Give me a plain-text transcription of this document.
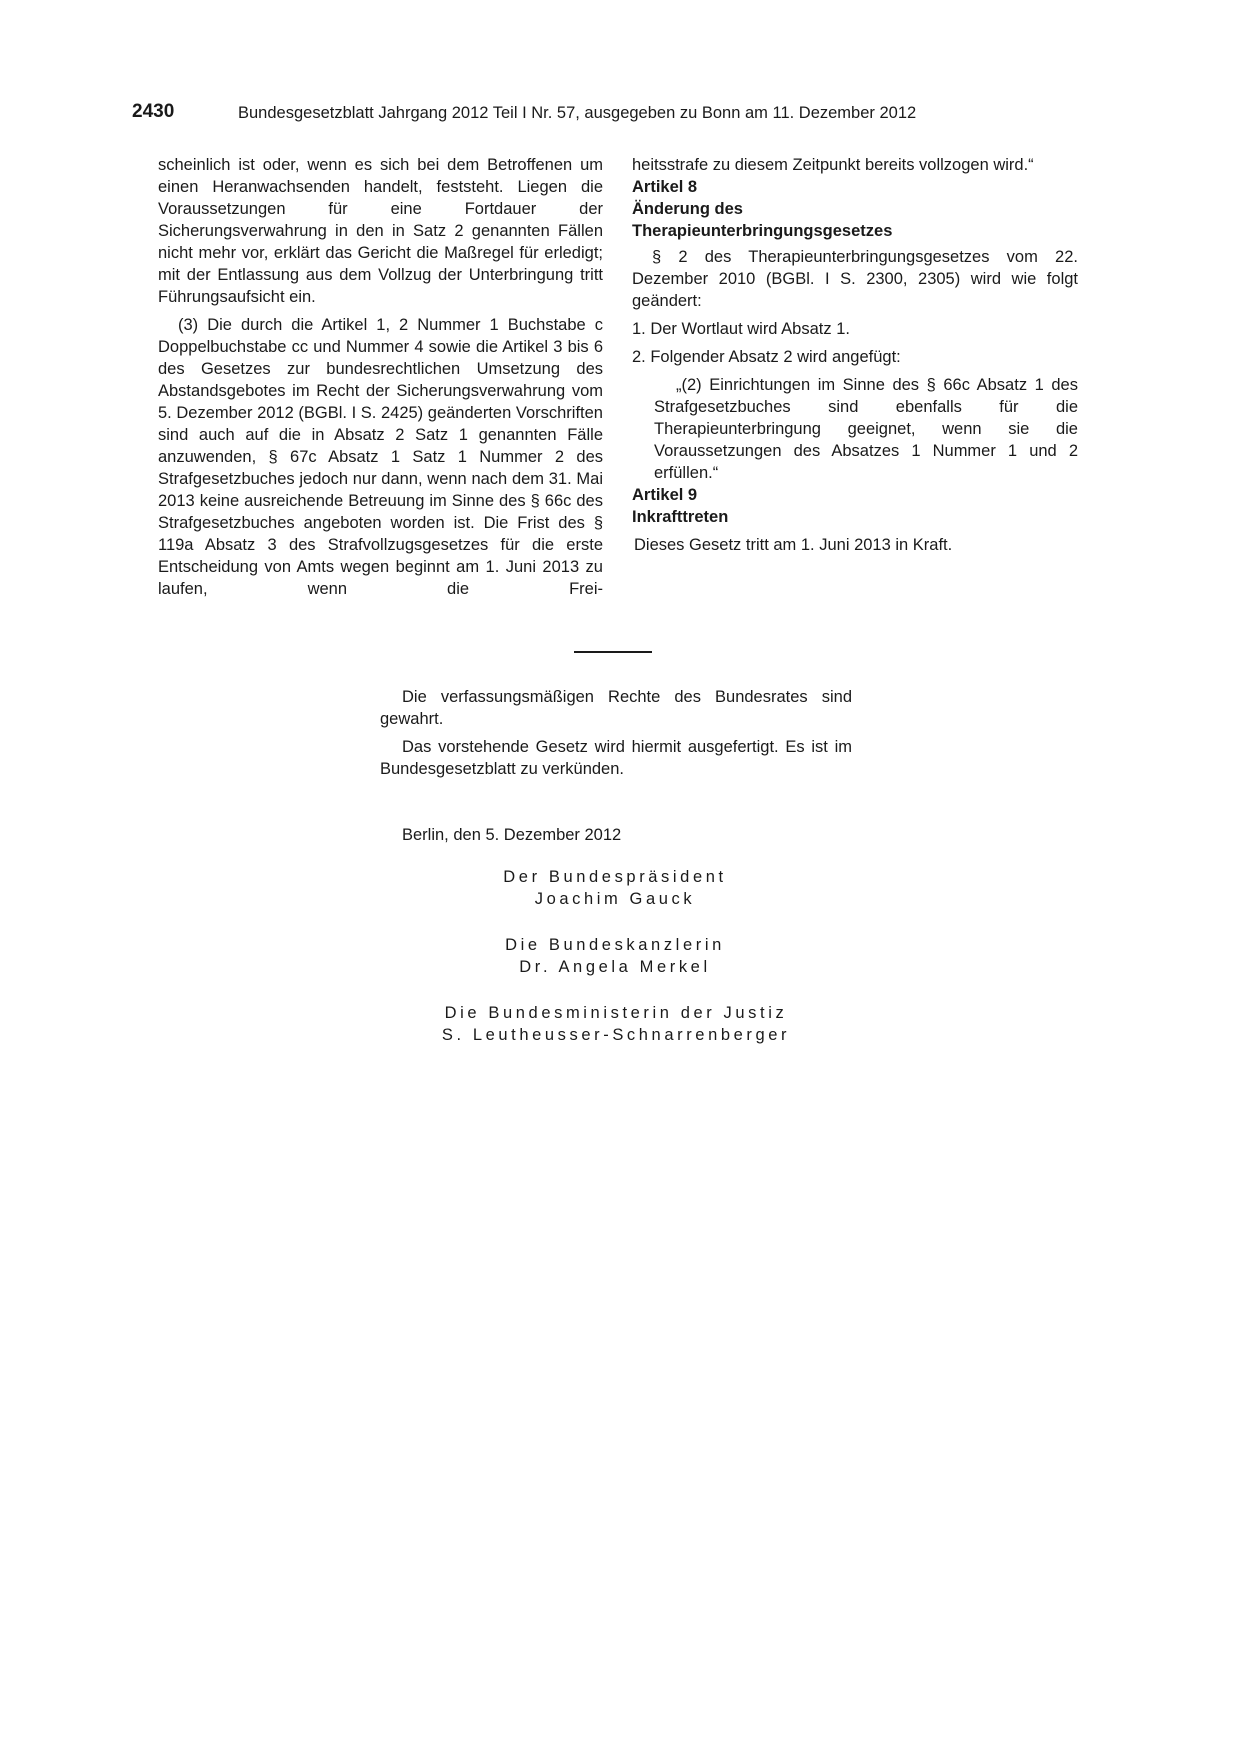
2430	Bundesgesetzblatt Jahrgang 2012 Teil I Nr. 57, ausgegeben zu Bonn am 11. Dezember 2012

scheinlich ist oder, wenn es sich bei dem Betroffenen um einen Heranwachsenden handelt, feststeht. Liegen die Voraussetzungen für eine Fortdauer der Sicherungsverwahrung in den in Satz 2 genannten Fällen nicht mehr vor, erklärt das Gericht die Maßregel für erledigt; mit der Entlassung aus dem Vollzug der Unterbringung tritt Führungsaufsicht ein.

(3) Die durch die Artikel 1, 2 Nummer 1 Buchstabe c Doppelbuchstabe cc und Nummer 4 sowie die Artikel 3 bis 6 des Gesetzes zur bundesrechtlichen Umsetzung des Abstandsgebotes im Recht der Sicherungsverwahrung vom 5. Dezember 2012 (BGBl. I S. 2425) geänderten Vorschriften sind auch auf die in Absatz 2 Satz 1 genannten Fälle anzuwenden, § 67c Absatz 1 Satz 1 Nummer 2 des Strafgesetzbuches jedoch nur dann, wenn nach dem 31. Mai 2013 keine ausreichende Betreuung im Sinne des § 66c des Strafgesetzbuches angeboten worden ist. Die Frist des § 119a Absatz 3 des Strafvollzugsgesetzes für die erste Entscheidung von Amts wegen beginnt am 1. Juni 2013 zu laufen, wenn die Frei-

heitsstrafe zu diesem Zeitpunkt bereits vollzogen wird.“

Artikel 8

Änderung des

Therapieunterbringungsgesetzes

§ 2 des Therapieunterbringungsgesetzes vom 22. Dezember 2010 (BGBl. I S. 2300, 2305) wird wie folgt geändert:

1. Der Wortlaut wird Absatz 1.

2. Folgender Absatz 2 wird angefügt:

„(2) Einrichtungen im Sinne des § 66c Absatz 1 des Strafgesetzbuches sind ebenfalls für die Therapieunterbringung geeignet, wenn sie die Voraussetzungen des Absatzes 1 Nummer 1 und 2 erfüllen.“

Artikel 9

Inkrafttreten

Dieses Gesetz tritt am 1. Juni 2013 in Kraft.

Die verfassungsmäßigen Rechte des Bundesrates sind gewahrt.

Das vorstehende Gesetz wird hiermit ausgefertigt. Es ist im Bundesgesetzblatt zu verkünden.

Berlin, den 5. Dezember 2012
Der Bundespräsident
Joachim Gauck
Die Bundeskanzlerin
Dr. Angela Merkel
Die Bundesministerin der Justiz
S. Leutheusser-Schnarrenberger
